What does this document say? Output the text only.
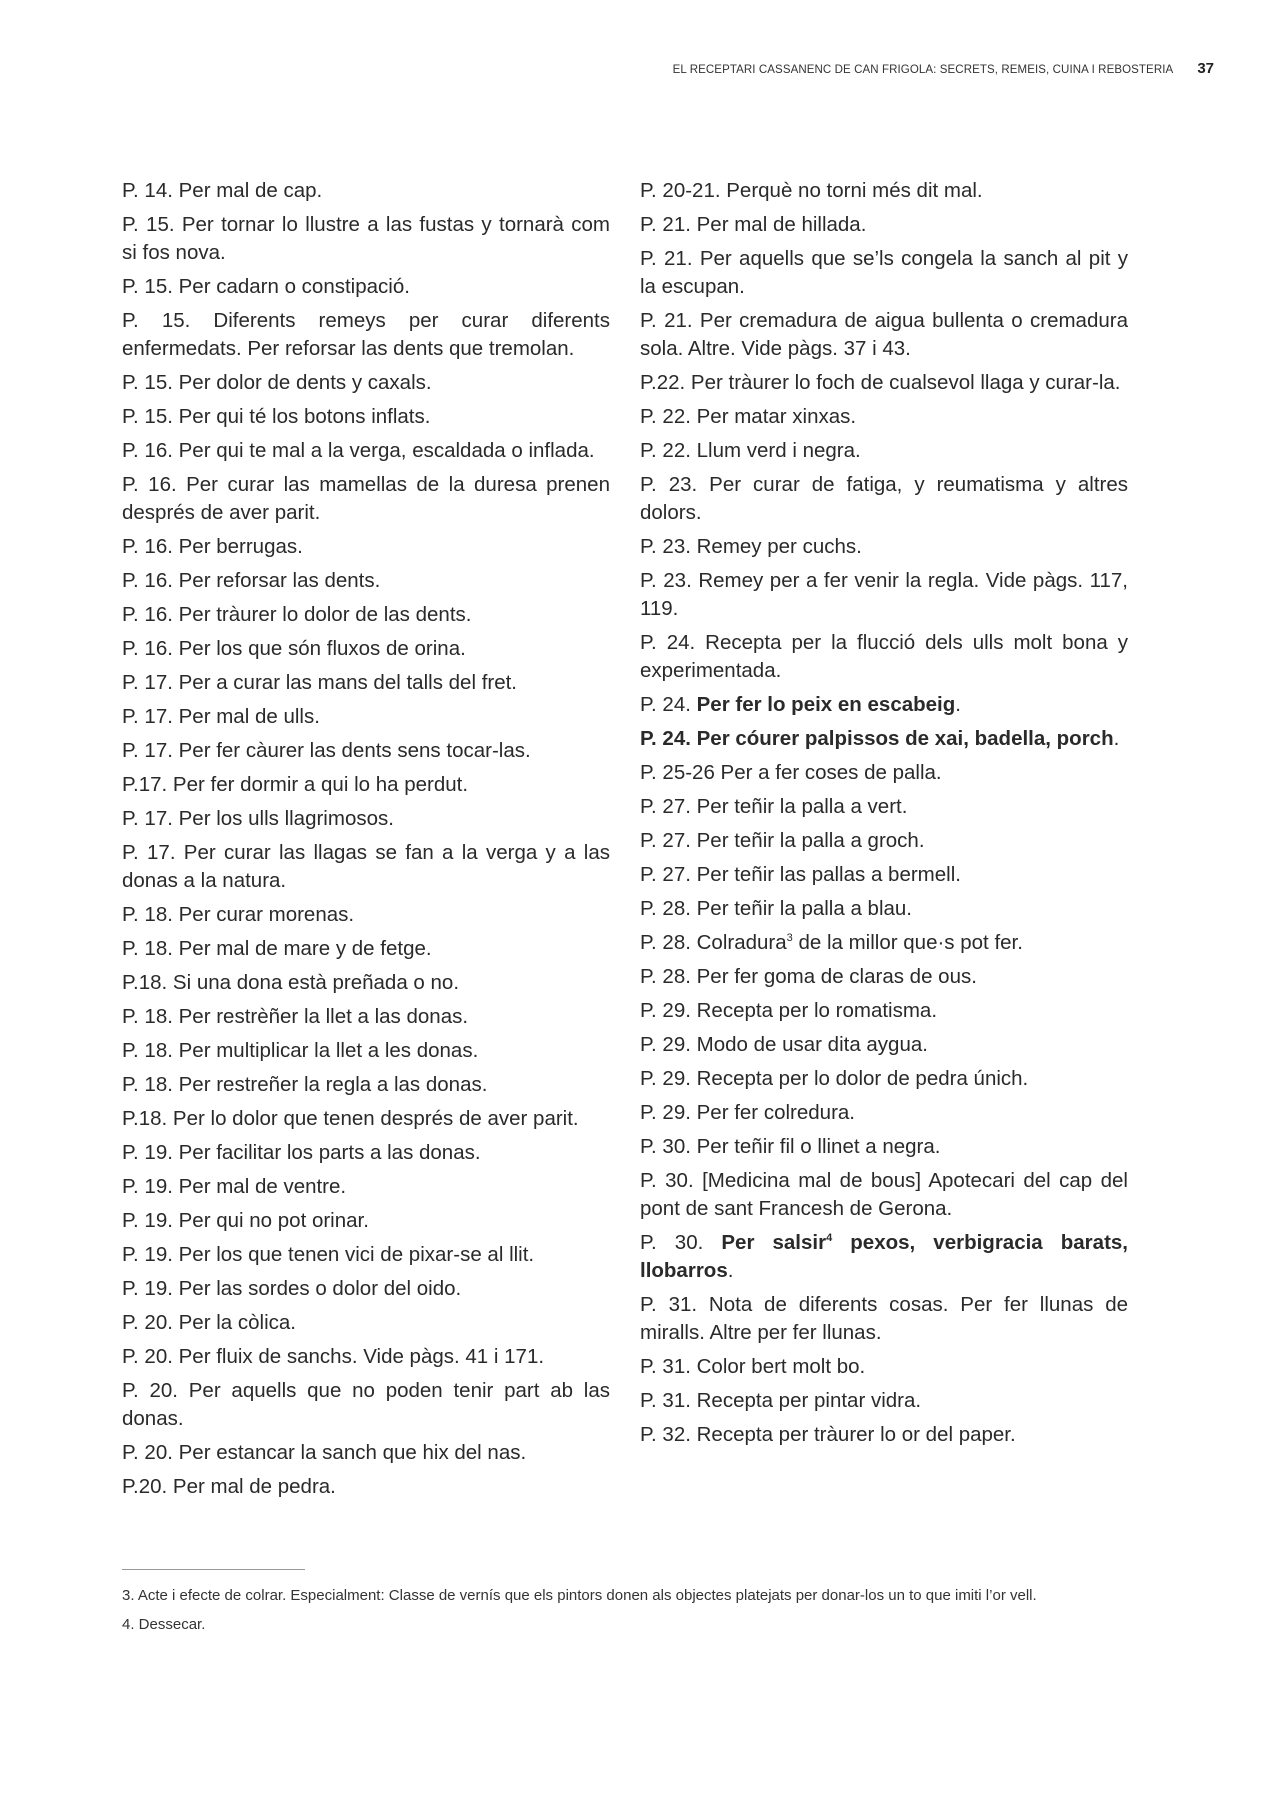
EL RECEPTARI CASSANENC DE CAN FRIGOLA: SECRETS, REMEIS, CUINA I REBOSTERIA 37
P. 14. Per mal de cap.
P. 15. Per tornar lo llustre a las fustas y tornarà com si fos nova.
P. 15. Per cadarn o constipació.
P. 15. Diferents remeys per curar diferents enfermedats. Per reforsar las dents que tremolan.
P. 15. Per dolor de dents y caxals.
P. 15. Per qui té los botons inflats.
P. 16. Per qui te mal a la verga, escaldada o inflada.
P. 16. Per curar las mamellas de la duresa prenen després de aver parit.
P. 16. Per berrugas.
P. 16. Per reforsar las dents.
P. 16. Per tràurer lo dolor de las dents.
P. 16. Per los que són fluxos de orina.
P. 17. Per a curar las mans del talls del fret.
P. 17. Per mal de ulls.
P. 17. Per fer càurer las dents sens tocar-las.
P.17. Per fer dormir a qui lo ha perdut.
P. 17. Per los ulls llagrimosos.
P. 17. Per curar las llagas se fan a la verga y a las donas a la natura.
P. 18. Per curar morenas.
P. 18. Per mal de mare y de fetge.
P.18. Si una dona està preñada o no.
P. 18. Per restrèñer la llet a las donas.
P. 18. Per multiplicar la llet a les donas.
P. 18. Per restreñer la regla a las donas.
P.18. Per lo dolor que tenen després de aver parit.
P. 19. Per facilitar los parts a las donas.
P. 19. Per mal de ventre.
P. 19. Per qui no pot orinar.
P. 19. Per los que tenen vici de pixar-se al llit.
P. 19. Per las sordes o dolor del oido.
P. 20. Per la còlica.
P. 20. Per fluix de sanchs. Vide pàgs. 41 i 171.
P. 20. Per aquells que no poden tenir part ab las donas.
P. 20. Per estancar la sanch que hix del nas.
P.20. Per mal de pedra.
P. 20-21. Perquè no torni més dit mal.
P. 21. Per mal de hillada.
P. 21. Per aquells que se’ls congela la sanch al pit y la escupan.
P. 21. Per cremadura de aigua bullenta o cremadura sola. Altre. Vide pàgs. 37 i 43.
P.22. Per tràurer lo foch de cualsevol llaga y curar-la.
P. 22. Per matar xinxas.
P. 22. Llum verd i negra.
P. 23. Per curar de fatiga, y reumatisma y altres dolors.
P. 23. Remey per cuchs.
P. 23. Remey per a fer venir la regla. Vide pàgs. 117, 119.
P. 24. Recepta per la flucció dels ulls molt bona y experimentada.
P. 24. Per fer lo peix en escabeig.
P. 24. Per cóurer palpissos de xai, badella, porch.
P. 25-26 Per a fer coses de palla.
P. 27. Per teñir la palla a vert.
P. 27. Per teñir la palla a groch.
P. 27. Per teñir las pallas a bermell.
P. 28. Per teñir la palla a blau.
P. 28. Colradura$^3$ de la millor que·s pot fer.
P. 28. Per fer goma de claras de ous.
P. 29. Recepta per lo romatisma.
P. 29. Modo de usar dita aygua.
P. 29. Recepta per lo dolor de pedra únich.
P. 29. Per fer colredura.
P. 30. Per teñir fil o llinet a negra.
P. 30. [Medicina mal de bous] Apotecari del cap del pont de sant Francesh de Gerona.
P. 30. Per salsir$^4$ pexos, verbigracia barats, llobarros.
P. 31. Nota de diferents cosas. Per fer llunas de miralls. Altre per fer llunas.
P. 31. Color bert molt bo.
P. 31. Recepta per pintar vidra.
P. 32. Recepta per tràurer lo or del paper.
3. Acte i efecte de colrar. Especialment: Classe de vernís que els pintors donen als objectes platejats per donar-los un to que imiti l’or vell.
4. Dessecar.
